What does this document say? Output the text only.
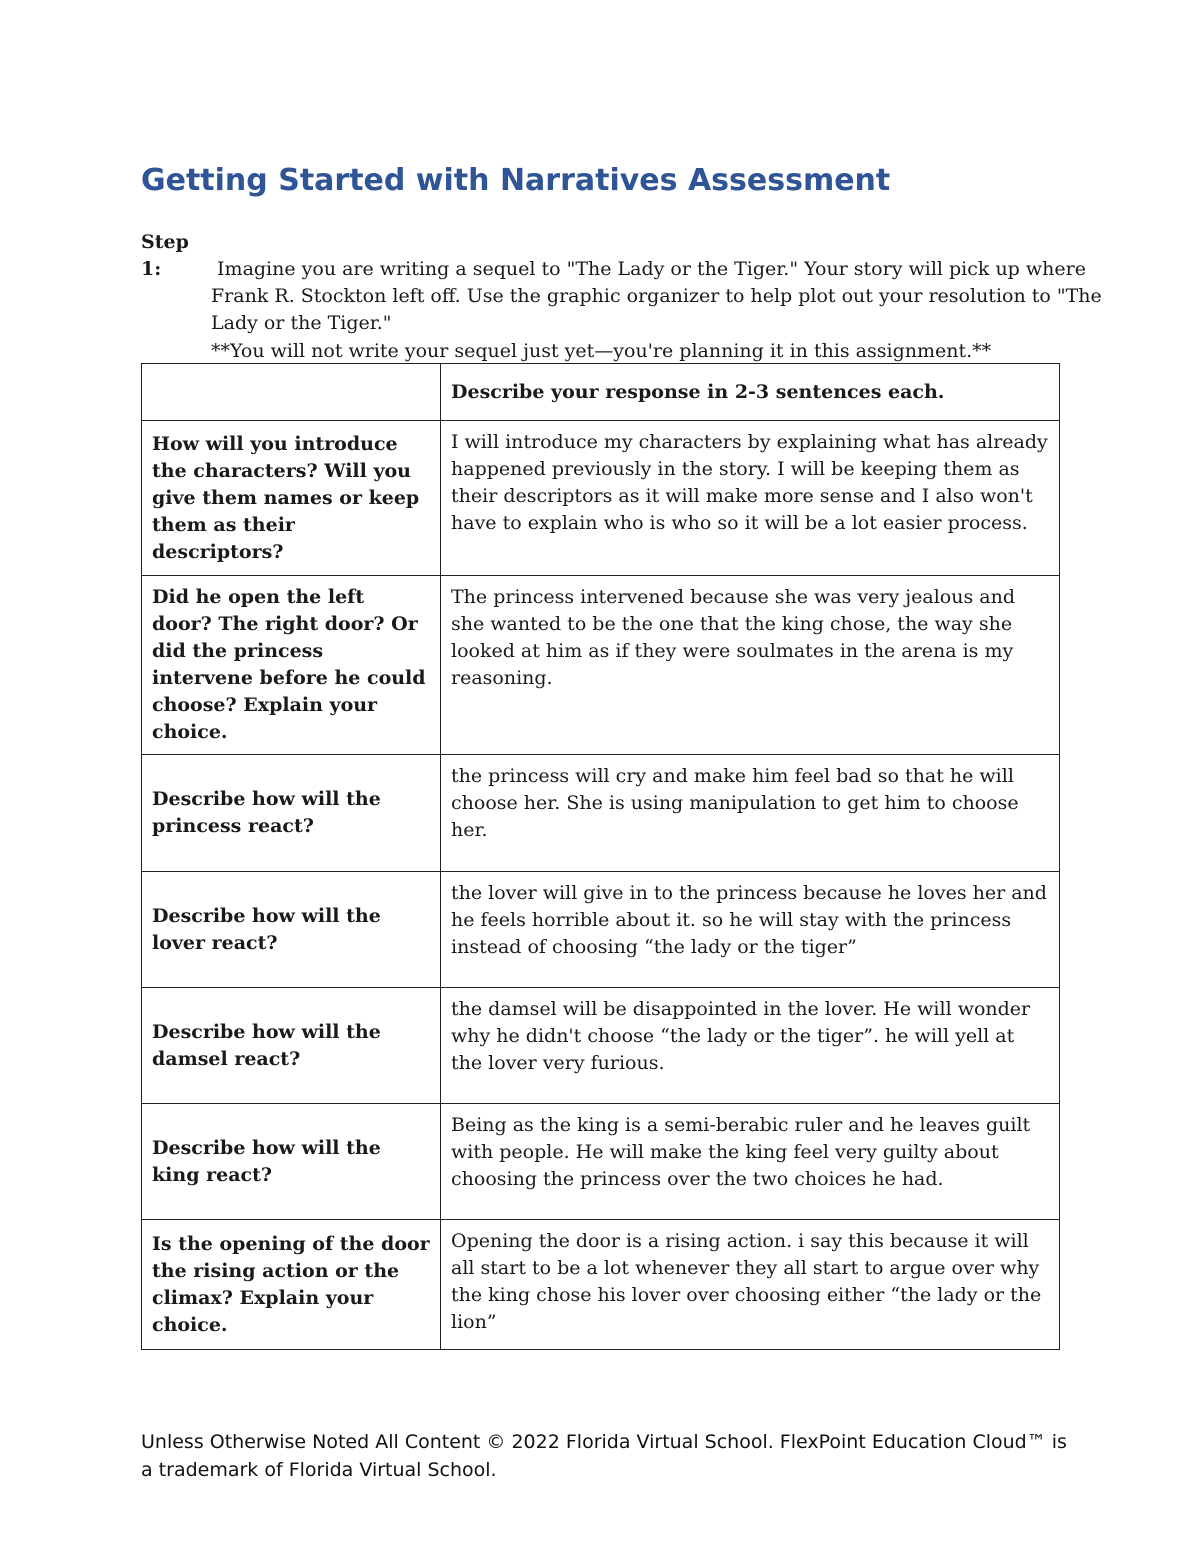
Getting Started with Narratives Assessment
Step 1:	Imagine you are writing a sequel to "The Lady or the Tiger." Your story will pick up where Frank R. Stockton left off. Use the graphic organizer to help plot out your resolution to "The Lady or the Tiger."
**You will not write your sequel just yet—you're planning it in this assignment.**
	Describe your response in 2-3 sentences each.
How will you introduce the characters? Will you give them names or keep them as their descriptors?	I will introduce my characters by explaining what has already happened previously in the story. I will be keeping them as their descriptors as it will make more sense and I also won't have to explain who is who so it will be a lot easier process.
Did he open the left door? The right door? Or did the princess intervene before he could choose? Explain your choice.	The princess intervened because she was very jealous and she wanted to be the one that the king chose, the way she looked at him as if they were soulmates in the arena is my reasoning.
Describe how will the princess react?	the princess will cry and make him feel bad so that he will choose her. She is using manipulation to get him to choose her.
Describe how will the lover react?	the lover will give in to the princess because he loves her and he feels horrible about it. so he will stay with the princess instead of choosing “the lady or the tiger”
Describe how will the damsel react?	the damsel will be disappointed in the lover. He will wonder why he didn't choose “the lady or the tiger”. he will yell at the lover very furious.
Describe how will the king react?	Being as the king is a semi-berabic ruler and he leaves guilt with people. He will make the king feel very guilty about choosing the princess over the two choices he had.
Is the opening of the door the rising action or the climax? Explain your choice.	Opening the door is a rising action. i say this because it will all start to be a lot whenever they all start to argue over why the king chose his lover over choosing either “the lady or the lion”
Unless Otherwise Noted All Content © 2022 Florida Virtual School. FlexPoint Education Cloud™ is a trademark of Florida Virtual School.
